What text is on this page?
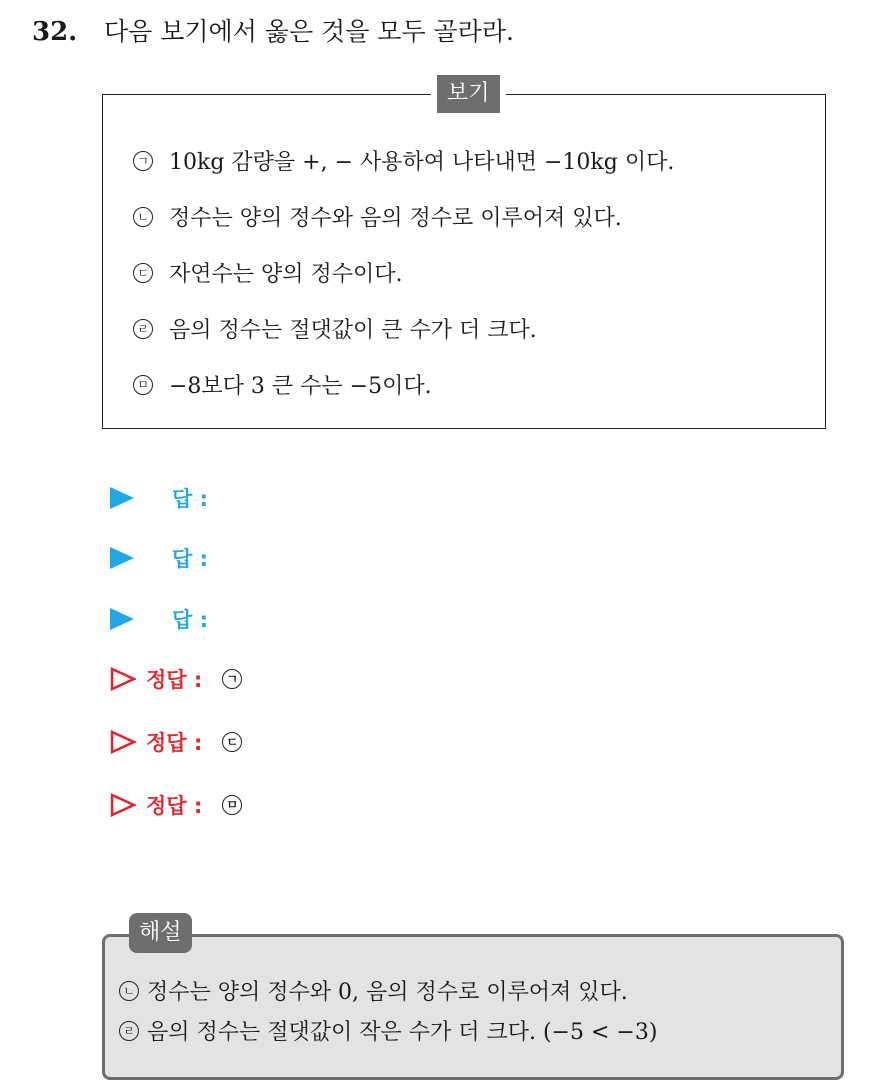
32.	다음 보기에서 옳은 것을 모두 골라라.
보기
ㄱ 10kg 감량을 +, − 사용하여 나타내면 −10kg 이다.
ㄴ 정수는 양의 정수와 음의 정수로 이루어져 있다.
ㄷ 자연수는 양의 정수이다.
ㄹ 음의 정수는 절댓값이 큰 수가 더 크다.
ㅁ −8보다 3 큰 수는 −5이다.
답 :
답 :
답 :
정답 :	ㄱ
정답 :	ㄷ
정답 :	ㅁ
해설
ㄴ 정수는 양의 정수와 0, 음의 정수로 이루어져 있다.
ㄹ 음의 정수는 절댓값이 작은 수가 더 크다. (−5 < −3)
